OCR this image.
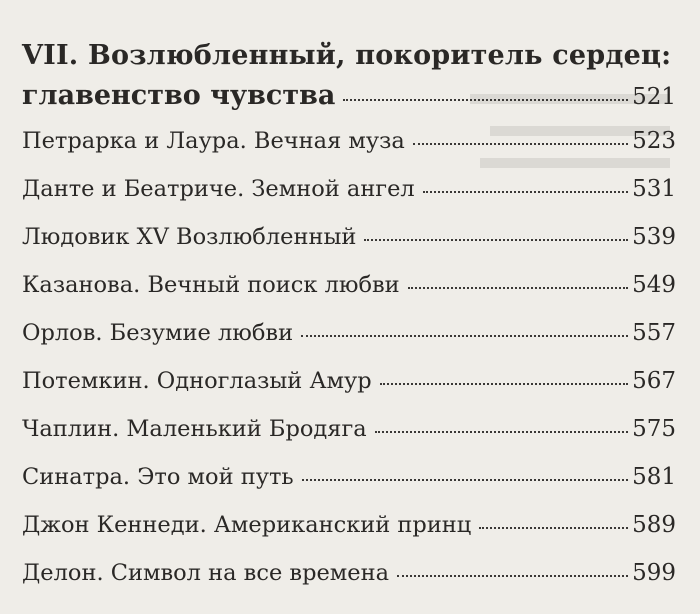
VII. Возлюбленный, покоритель сердец:
главенство чувства	521
Петрарка и Лаура. Вечная муза	523
Данте и Беатриче. Земной ангел	531
Людовик XV Возлюбленный	539
Казанова. Вечный поиск любви	549
Орлов. Безумие любви	557
Потемкин. Одноглазый Амур	567
Чаплин. Маленький Бродяга	575
Синатра. Это мой путь	581
Джон Кеннеди. Американский принц	589
Делон. Символ на все времена	599
